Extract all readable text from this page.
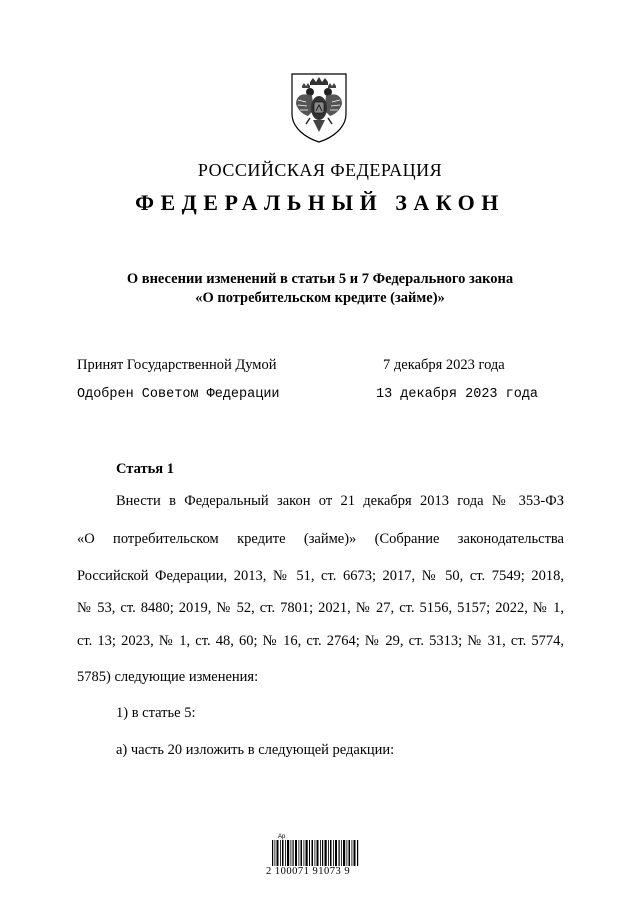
РОССИЙСКАЯ ФЕДЕРАЦИЯ
ФЕДЕРАЛЬНЫЙ ЗАКОН
О внесении изменений в статьи 5 и 7 Федерального закона
«О потребительском кредите (займе)»
Принят Государственной Думой	7 декабря 2023 года
Одобрен Советом Федерации	13 декабря 2023 года
Статья 1
Внести в Федеральный закон от 21 декабря 2013 года № 353-ФЗ
«О потребительском кредите (займе)» (Собрание законодательства
Российской Федерации, 2013, № 51, ст. 6673; 2017, № 50, ст. 7549; 2018,
№ 53, ст. 8480; 2019, № 52, ст. 7801; 2021, № 27, ст. 5156, 5157; 2022, № 1,
ст. 13; 2023, № 1, ст. 48, 60; № 16, ст. 2764; № 29, ст. 5313; № 31, ст. 5774,
5785) следующие изменения:
1) в статье 5:
а) часть 20 изложить в следующей редакции:
Ap
2 100071 91073 9
